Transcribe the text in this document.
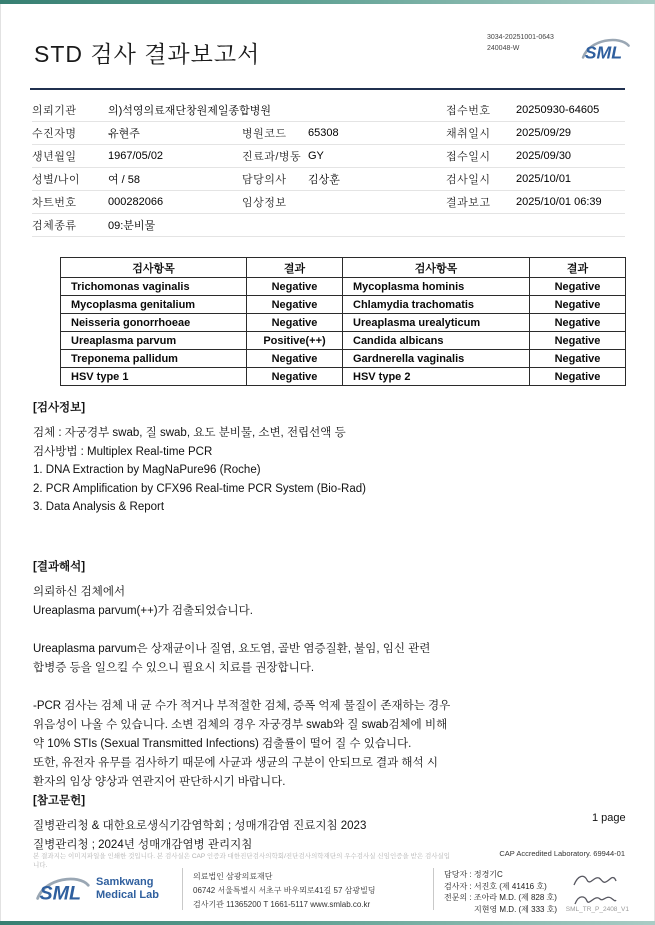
STD 검사 결과보고서
3034-20251001-0643
240048-W	SML
의뢰기관	의)석영의료재단창원제일종합병원	접수번호	20250930-64605
수진자명	유현주	병원코드	65308	채취일시	2025/09/29
생년월일	1967/05/02	진료과/병동 GY	접수일시	2025/09/30
성별/나이	여 / 58	담당의사	김상훈	검사일시	2025/10/01
차트번호	000282066	임상정보	결과보고	2025/10/01 06:39
검체종류	09:분비물
검사항목	결과	검사항목	결과
Trichomonas vaginalis	Negative	Mycoplasma hominis	Negative
Mycoplasma genitalium	Negative	Chlamydia trachomatis	Negative
Neisseria gonorrhoeae	Negative	Ureaplasma urealyticum	Negative
Ureaplasma parvum	Positive(++)	Candida albicans	Negative
Treponema pallidum	Negative	Gardnerella vaginalis	Negative
HSV type 1	Negative	HSV type 2	Negative
[검사정보]
검체 : 자궁경부 swab, 질 swab, 요도 분비물, 소변, 전립선액 등
검사방법 : Multiplex Real-time PCR
1. DNA Extraction by MagNaPure96 (Roche)
2. PCR Amplification by CFX96 Real-time PCR System (Bio-Rad)
3. Data Analysis & Report
[결과해석]
의뢰하신 검체에서
Ureaplasma parvum(++)가 검출되었습니다.
Ureaplasma parvum은 상재균이나 질염, 요도염, 골반 염증질환, 불임, 임신 관련
합병증 등을 일으킬 수 있으니 필요시 치료를 권장합니다.
-PCR 검사는 검체 내 균 수가 적거나 부적절한 검체, 증폭 억제 물질이 존재하는 경우
위음성이 나올 수 있습니다. 소변 검체의 경우 자궁경부 swab와 질 swab검체에 비해
약 10% STIs (Sexual Transmitted Infections) 검출률이 떨어 질 수 있습니다.
또한, 유전자 유무를 검사하기 때문에 사균과 생균의 구분이 안되므로 결과 해석 시
환자의 임상 양상과 연관지어 판단하시기 바랍니다.
[참고문헌]
질병관리청 & 대한요로생식기감염학회 ; 성매개감염 진료지침 2023
질병관리청 ; 2024년 성매개감염병 관리지침
1 page
본 결과지는 이미지파일을 인쇄한 것입니다. 본 검사실은 CAP 인증과 대한진단검사의학회/진단검사의학재단의 우수검사실 신임인증을 받은 검사실입니다.
CAP Accredited Laboratory. 69944-01
SML
Samkwang
Medical Lab
의료법인 삼광의료재단
06742 서울특별시 서초구 바우뫼로41길 57 삼광빌딩
검사기관 11365200 T 1661-5117 www.smlab.co.kr
담당자 : 정경기C
검사자 : 서진호 (제 41416 호)
전문의 : 조아라 M.D. (제 828 호)
지현영 M.D. (제 333 호)	SML_TR_P_2408_V1
